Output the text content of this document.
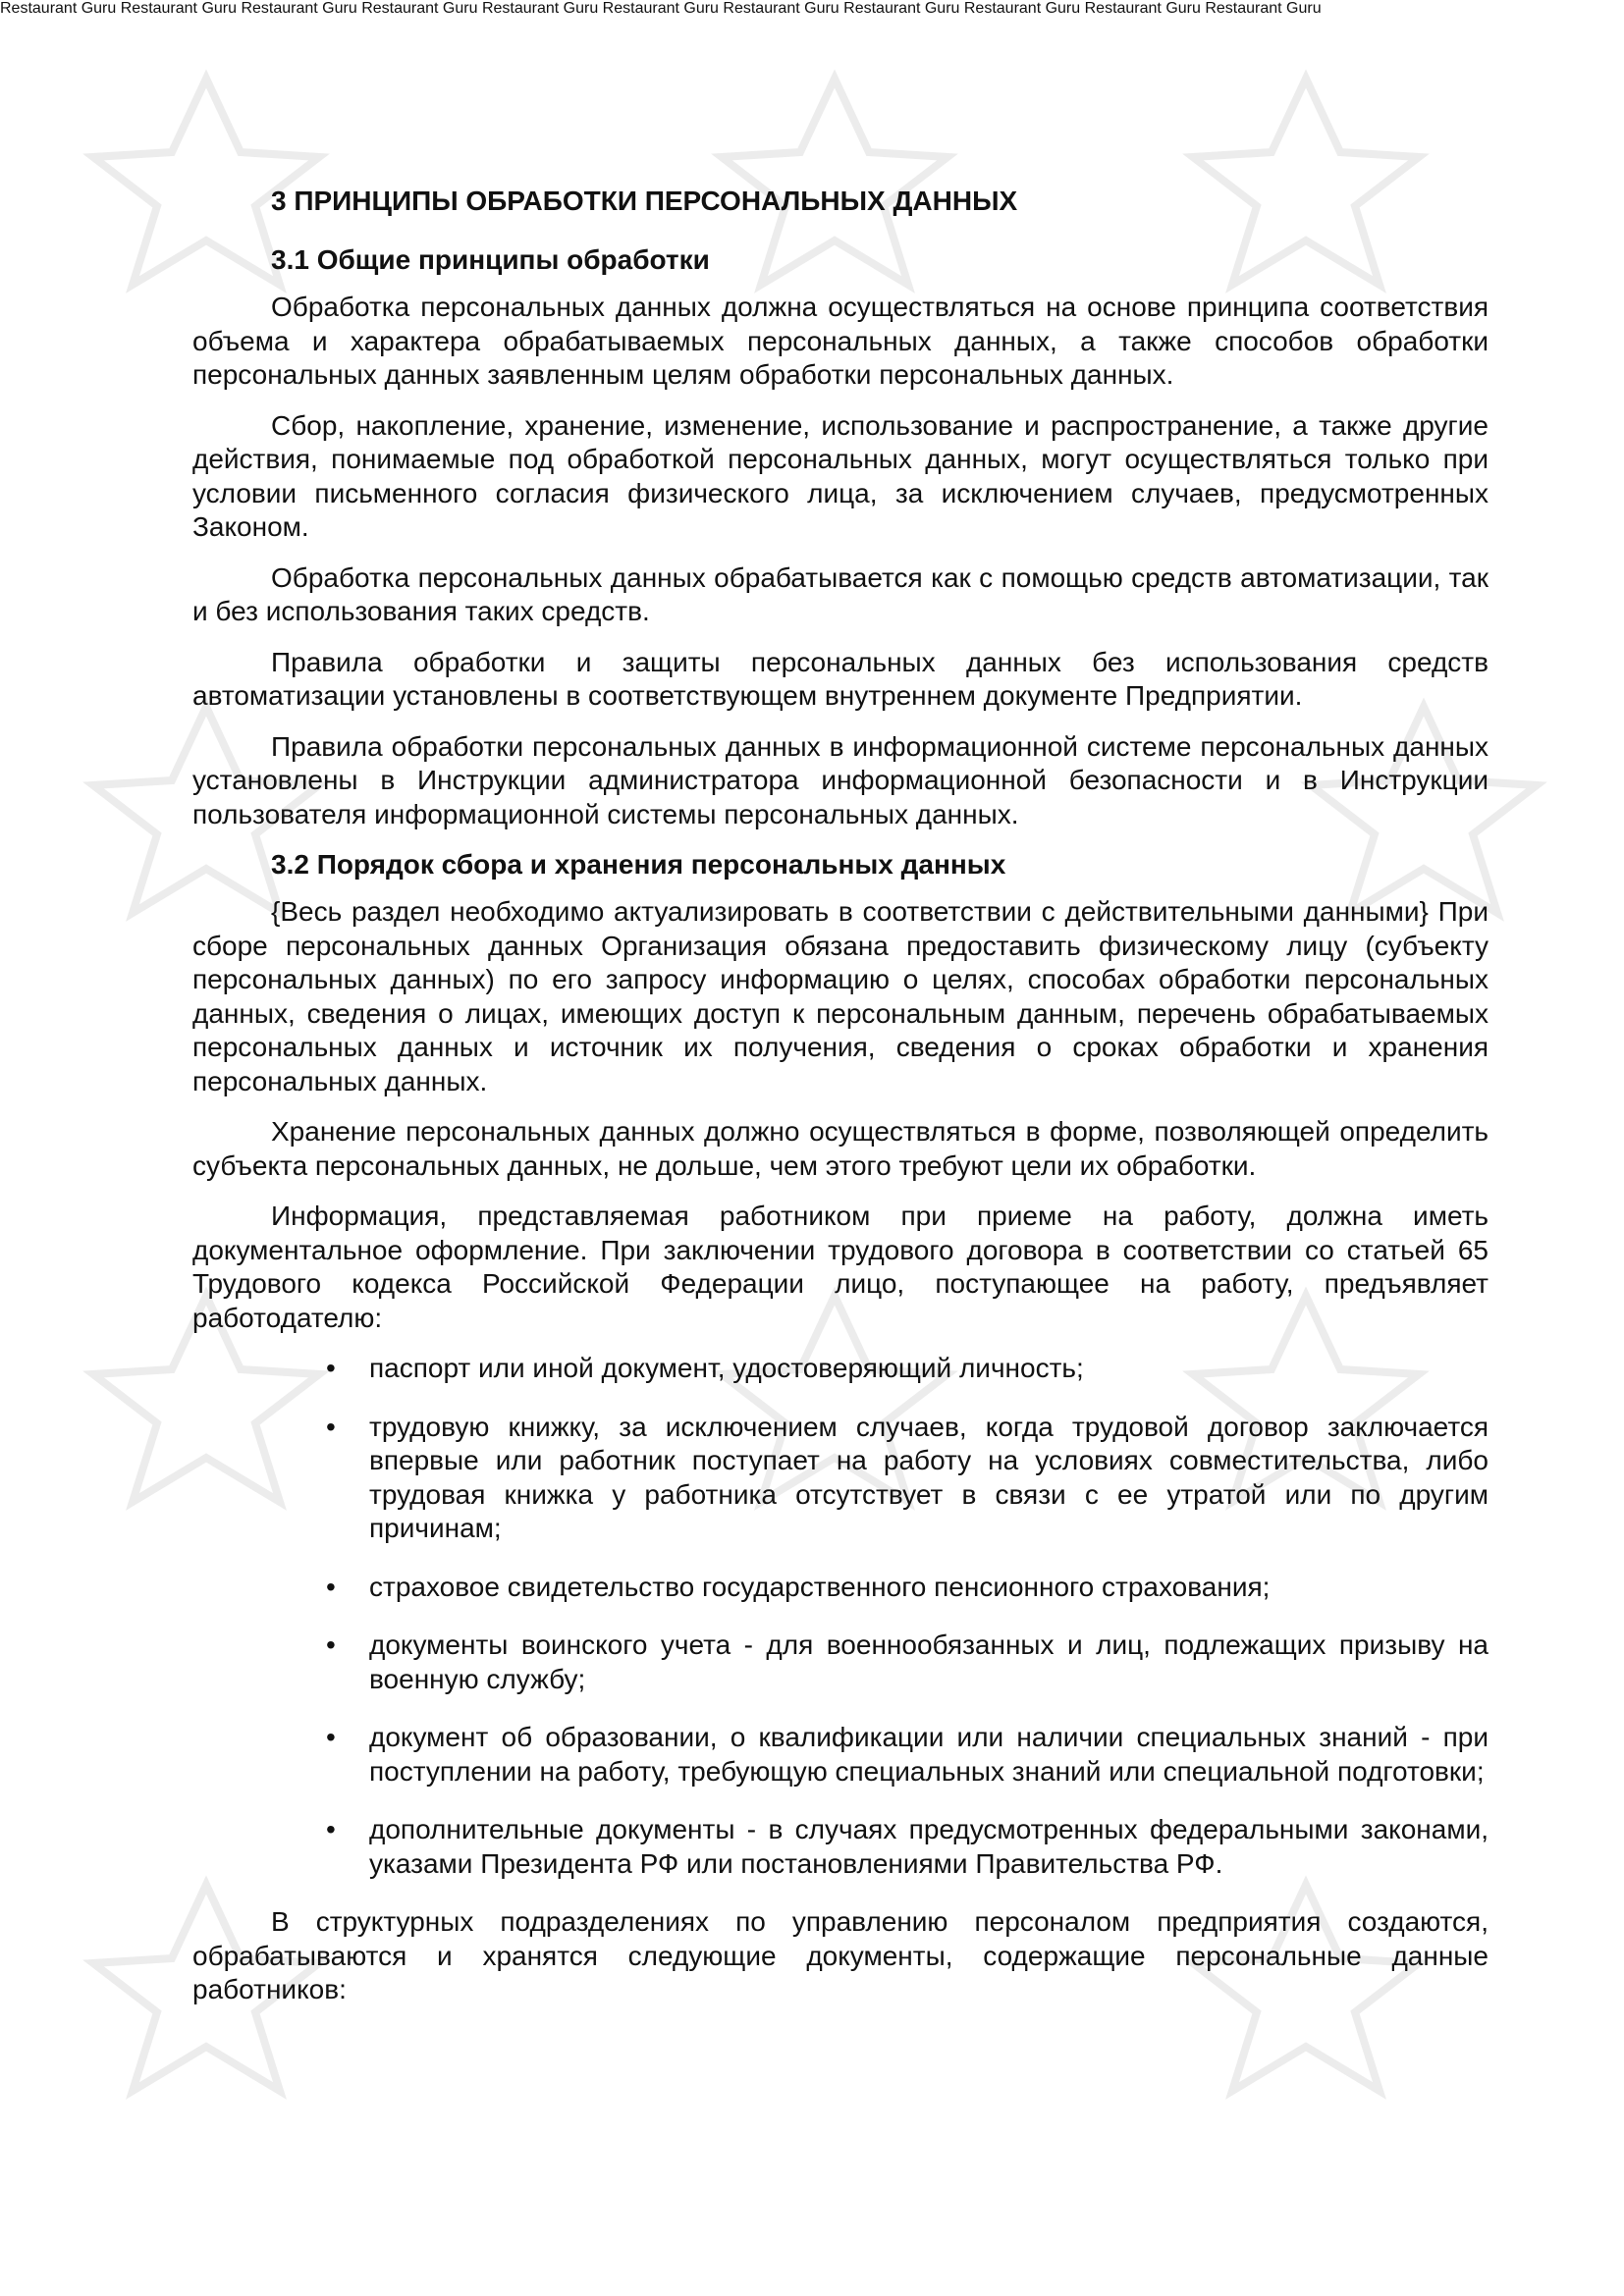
Restaurant Guru Restaurant Guru Restaurant Guru Restaurant Guru Restaurant Guru Restaurant Guru Restaurant Guru Restaurant Guru Restaurant Guru Restaurant Guru Restaurant Guru
3 ПРИНЦИПЫ ОБРАБОТКИ ПЕРСОНАЛЬНЫХ ДАННЫХ
3.1 Общие принципы обработки

Обработка персональных данных должна осуществляться на основе принципа соответствия объема и характера обрабатываемых персональных данных, а также способов обработки персональных данных заявленным целям обработки персональных данных.

Сбор, накопление, хранение, изменение, использование и распространение, а также другие действия, понимаемые под обработкой персональных данных, могут осуществляться только при условии письменного согласия физического лица, за исключением случаев, предусмотренных Законом.

Обработка персональных данных обрабатывается как с помощью средств автоматизации, так и без использования таких средств.

Правила обработки и защиты персональных данных без использования средств автоматизации установлены в соответствующем внутреннем документе Предприятии.

Правила обработки персональных данных в информационной системе персональных данных установлены в Инструкции администратора информационной безопасности и в Инструкции пользователя информационной системы персональных данных.

3.2 Порядок сбора и хранения персональных данных

{Весь раздел необходимо актуализировать в соответствии с действительными данными} При сборе персональных данных Организация обязана предоставить физическому лицу (субъекту персональных данных) по его запросу информацию о целях, способах обработки персональных данных, сведения о лицах, имеющих доступ к персональным данным, перечень обрабатываемых персональных данных и источник их получения, сведения о сроках обработки и хранения персональных данных.

Хранение персональных данных должно осуществляться в форме, позволяющей определить субъекта персональных данных, не дольше, чем этого требуют цели их обработки.

Информация, представляемая работником при приеме на работу, должна иметь документальное оформление. При заключении трудового договора в соответствии со статьей 65 Трудового кодекса Российской Федерации лицо, поступающее на работу, предъявляет работодателю:

• паспорт или иной документ, удостоверяющий личность;
• трудовую книжку, за исключением случаев, когда трудовой договор заключается впервые или работник поступает на работу на условиях совместительства, либо трудовая книжка у работника отсутствует в связи с ее утратой или по другим причинам;
• страховое свидетельство государственного пенсионного страхования;
• документы воинского учета - для военнообязанных и лиц, подлежащих призыву на военную службу;
• документ об образовании, о квалификации или наличии специальных знаний - при поступлении на работу, требующую специальных знаний или специальной подготовки;
• дополнительные документы - в случаях предусмотренных федеральными законами, указами Президента РФ или постановлениями Правительства РФ.

В структурных подразделениях по управлению персоналом предприятия создаются, обрабатываются и хранятся следующие документы, содержащие персональные данные работников:
